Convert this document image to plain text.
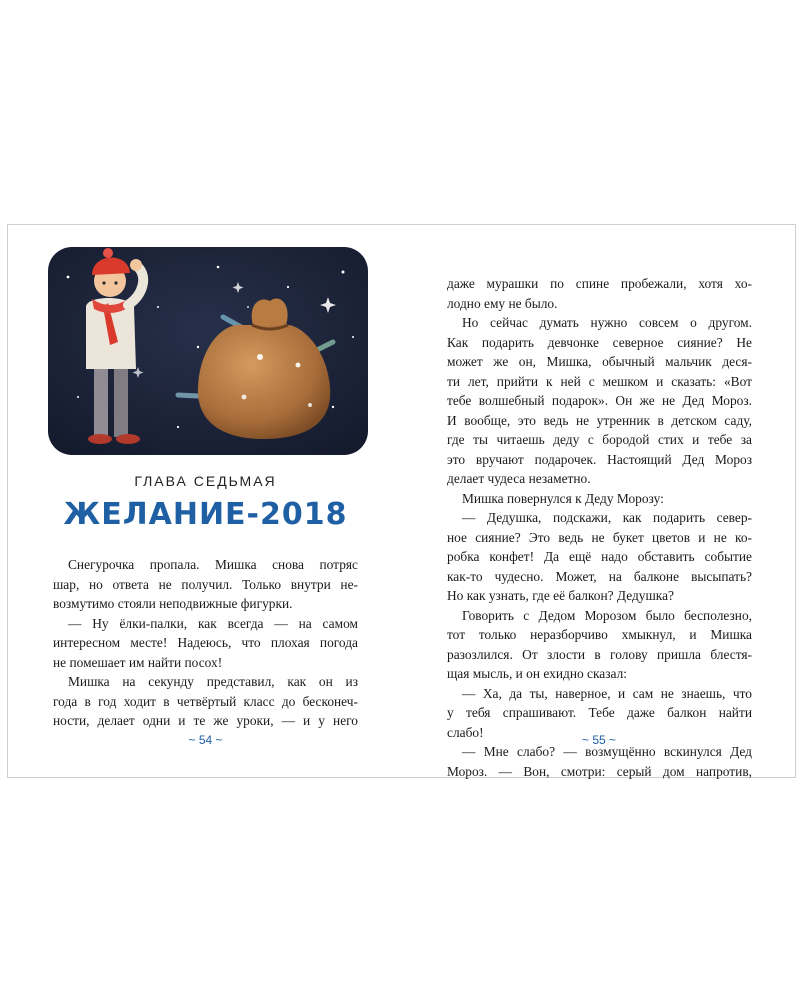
ГЛАВА СЕДЬМАЯ
ЖЕЛАНИЕ-2018
Снегурочка пропала. Мишка снова потряс
шар, но ответа не получил. Только внутри не-
возмутимо стояли неподвижные фигурки.
— Ну ёлки-палки, как всегда — на самом
интересном месте! Надеюсь, что плохая погода
не помешает им найти посох!
Мишка на секунду представил, как он из
года в год ходит в четвёртый класс до бесконеч-
ности, делает одни и те же уроки, — и у него
~ 54 ~
даже мурашки по спине пробежали, хотя хо-
лодно ему не было.
Но сейчас думать нужно совсем о другом.
Как подарить девчонке северное сияние? Не
может же он, Мишка, обычный мальчик деся-
ти лет, прийти к ней с мешком и сказать: «Вот
тебе волшебный подарок». Он же не Дед Мороз.
И вообще, это ведь не утренник в детском саду,
где ты читаешь деду с бородой стих и тебе за
это вручают подарочек. Настоящий Дед Мороз
делает чудеса незаметно.
Мишка повернулся к Деду Морозу:
— Дедушка, подскажи, как подарить север-
ное сияние? Это ведь не букет цветов и не ко-
робка конфет! Да ещё надо обставить событие
как-то чудесно. Может, на балконе высыпать?
Но как узнать, где её балкон? Дедушка?
Говорить с Дедом Морозом было бесполезно,
тот только неразборчиво хмыкнул, и Мишка
разозлился. От злости в голову пришла блестя-
щая мысль, и он ехидно сказал:
— Ха, да ты, наверное, и сам не знаешь, что
у тебя спрашивают. Тебе даже балкон найти
слабо!
— Мне слабо? — возмущённо вскинулся Дед
Мороз. — Вон, смотри: серый дом напротив,
~ 55 ~
